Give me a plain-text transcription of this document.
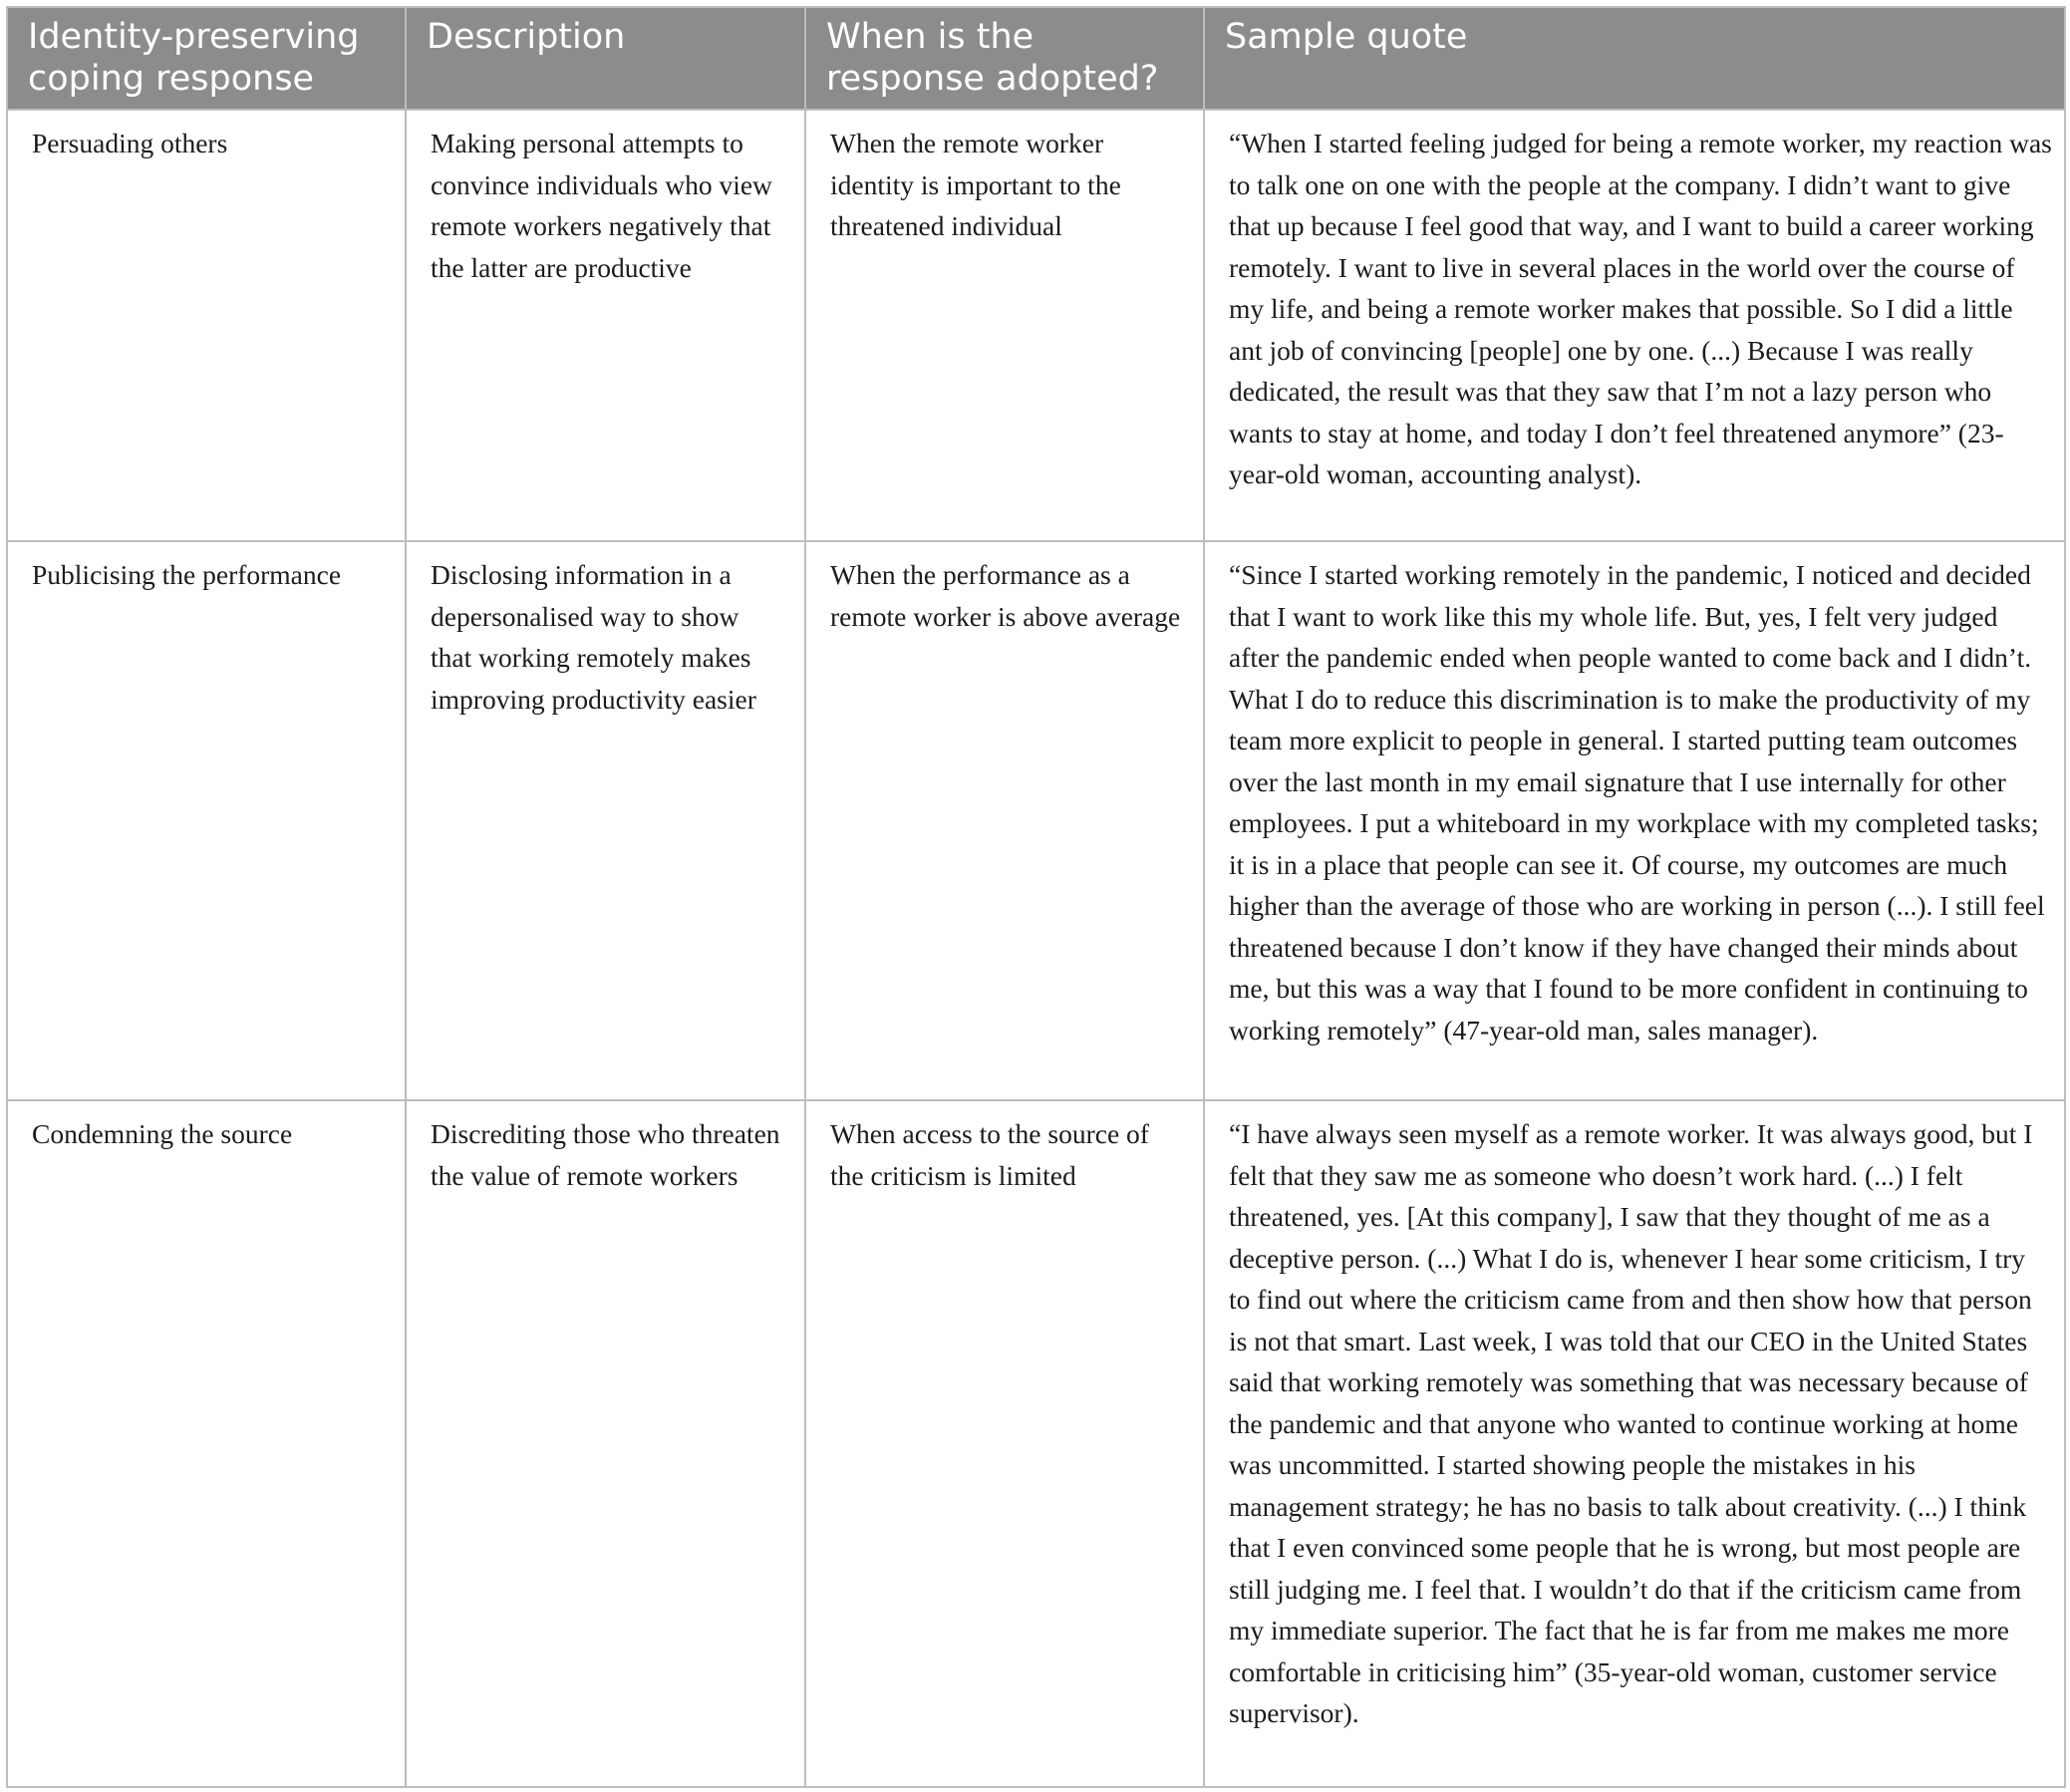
Identity-preserving coping response	Description	When is the response adopted?	Sample quote
Persuading others	Making personal attempts to convince individuals who view remote workers negatively that the latter are productive	When the remote worker identity is important to the threatened individual	“When I started feeling judged for being a remote worker, my reaction was to talk one on one with the people at the company. I didn’t want to give that up because I feel good that way, and I want to build a career working remotely. I want to live in several places in the world over the course of my life, and being a remote worker makes that possible. So I did a little ant job of convincing [people] one by one. (...) Because I was really dedicated, the result was that they saw that I’m not a lazy person who wants to stay at home, and today I don’t feel threatened anymore” (23-year-old woman, accounting analyst).
Publicising the performance	Disclosing information in a depersonalised way to show that working remotely makes improving productivity easier	When the performance as a remote worker is above average	“Since I started working remotely in the pandemic, I noticed and decided that I want to work like this my whole life. But, yes, I felt very judged after the pandemic ended when people wanted to come back and I didn’t. What I do to reduce this discrimination is to make the productivity of my team more explicit to people in general. I started putting team outcomes over the last month in my email signature that I use internally for other employees. I put a whiteboard in my workplace with my completed tasks; it is in a place that people can see it. Of course, my outcomes are much higher than the average of those who are working in person (...). I still feel threatened because I don’t know if they have changed their minds about me, but this was a way that I found to be more confident in continuing to working remotely” (47-year-old man, sales manager).
Condemning the source	Discrediting those who threaten the value of remote workers	When access to the source of the criticism is limited	“I have always seen myself as a remote worker. It was always good, but I felt that they saw me as someone who doesn’t work hard. (...) I felt threatened, yes. [At this company], I saw that they thought of me as a deceptive person. (...) What I do is, whenever I hear some criticism, I try to find out where the criticism came from and then show how that person is not that smart. Last week, I was told that our CEO in the United States said that working remotely was something that was necessary because of the pandemic and that anyone who wanted to continue working at home was uncommitted. I started showing people the mistakes in his management strategy; he has no basis to talk about creativity. (...) I think that I even convinced some people that he is wrong, but most people are still judging me. I feel that. I wouldn’t do that if the criticism came from my immediate superior. The fact that he is far from me makes me more comfortable in criticising him” (35-year-old woman, customer service supervisor).
